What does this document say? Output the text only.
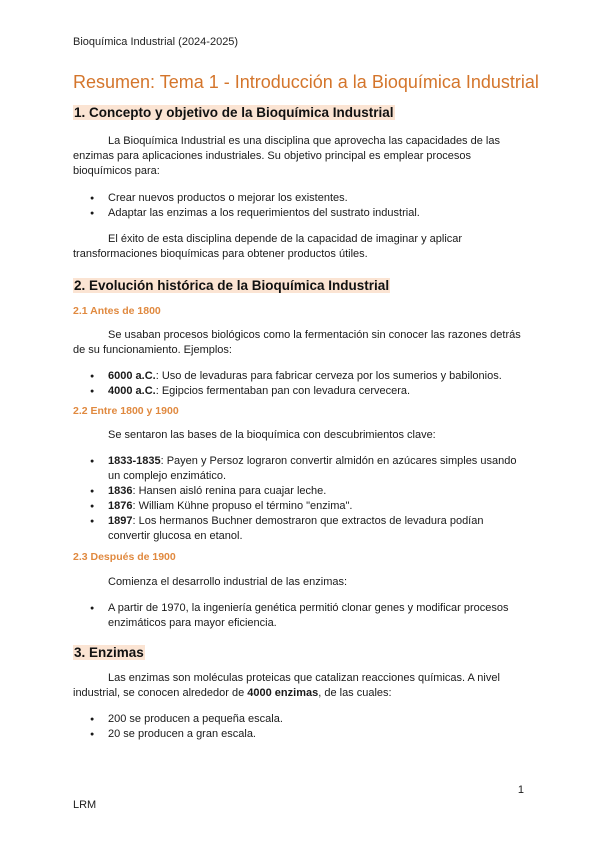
Bioquímica Industrial (2024-2025)
Resumen: Tema 1 - Introducción a la Bioquímica Industrial
1. Concepto y objetivo de la Bioquímica Industrial

La Bioquímica Industrial es una disciplina que aprovecha las capacidades de las enzimas para aplicaciones industriales. Su objetivo principal es emplear procesos bioquímicos para:

● Crear nuevos productos o mejorar los existentes.
● Adaptar las enzimas a los requerimientos del sustrato industrial.

El éxito de esta disciplina depende de la capacidad de imaginar y aplicar transformaciones bioquímicas para obtener productos útiles.

2. Evolución histórica de la Bioquímica Industrial
2.1 Antes de 1800

Se usaban procesos biológicos como la fermentación sin conocer las razones detrás de su funcionamiento. Ejemplos:

● 6000 a.C.: Uso de levaduras para fabricar cerveza por los sumerios y babilonios.
● 4000 a.C.: Egipcios fermentaban pan con levadura cervecera.
2.2 Entre 1800 y 1900

Se sentaron las bases de la bioquímica con descubrimientos clave:

● 1833-1835: Payen y Persoz lograron convertir almidón en azúcares simples usando un complejo enzimático.
● 1836: Hansen aisló renina para cuajar leche.
● 1876: William Kühne propuso el término "enzima".
● 1897: Los hermanos Buchner demostraron que extractos de levadura podían convertir glucosa en etanol.
2.3 Después de 1900

Comienza el desarrollo industrial de las enzimas:

● A partir de 1970, la ingeniería genética permitió clonar genes y modificar procesos enzimáticos para mayor eficiencia.
3. Enzimas

Las enzimas son moléculas proteicas que catalizan reacciones químicas. A nivel industrial, se conocen alrededor de 4000 enzimas, de las cuales:

● 200 se producen a pequeña escala.
● 20 se producen a gran escala.
1
LRM
